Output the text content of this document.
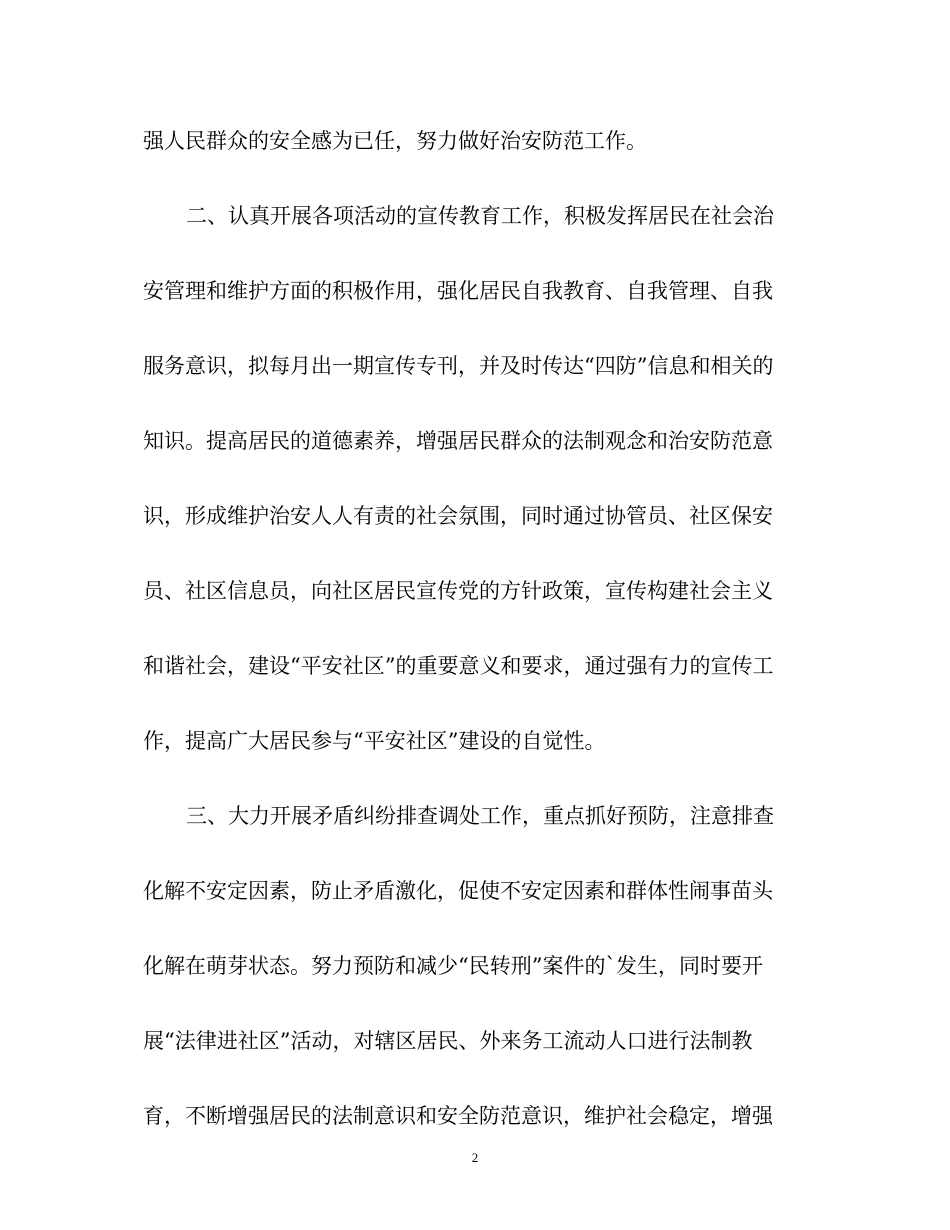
强人民群众的安全感为已任，努力做好治安防范工作。
二、认真开展各项活动的宣传教育工作，积极发挥居民在社会治
安管理和维护方面的积极作用，强化居民自我教育、自我管理、自我
服务意识，拟每月出一期宣传专刊，并及时传达“四防”信息和相关的
知识。提高居民的道德素养，增强居民群众的法制观念和治安防范意
识，形成维护治安人人有责的社会氛围，同时通过协管员、社区保安
员、社区信息员，向社区居民宣传党的方针政策，宣传构建社会主义
和谐社会，建设“平安社区”的重要意义和要求，通过强有力的宣传工
作，提高广大居民参与“平安社区”建设的自觉性。
三、大力开展矛盾纠纷排查调处工作，重点抓好预防，注意排查
化解不安定因素，防止矛盾激化，促使不安定因素和群体性闹事苗头
化解在萌芽状态。努力预防和减少“民转刑”案件的`发生，同时要开
展“法律进社区”活动，对辖区居民、外来务工流动人口进行法制教
育，不断增强居民的法制意识和安全防范意识，维护社会稳定，增强
2
